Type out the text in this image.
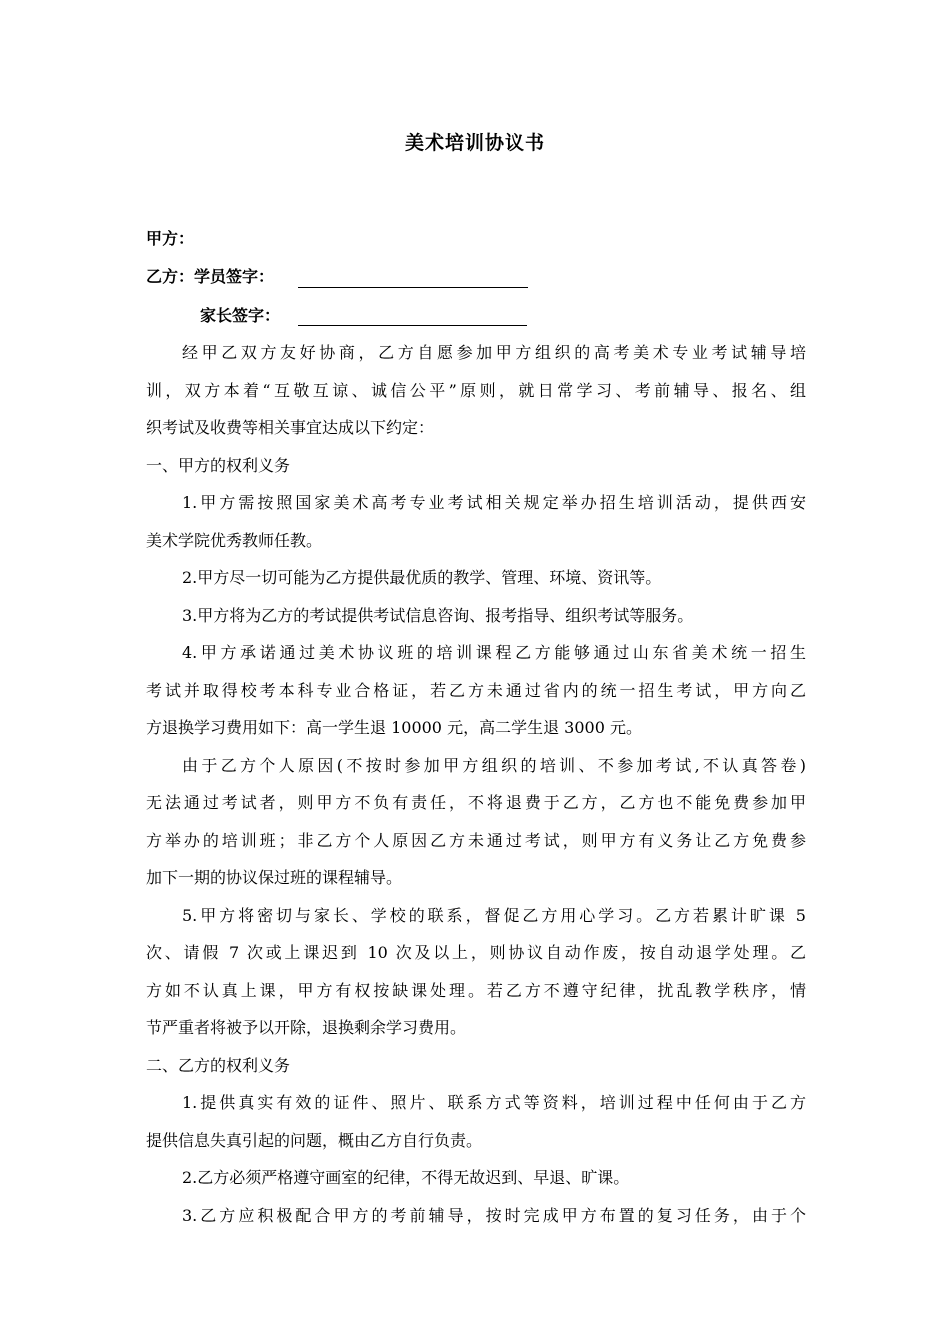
美术培训协议书
甲方：
乙方：学员签字：
家长签字：
经甲乙双方友好协商，乙方自愿参加甲方组织的高考美术专业考试辅导培
训，双方本着“互敬互谅、诚信公平”原则，就日常学习、考前辅导、报名、组
织考试及收费等相关事宜达成以下约定：
一、甲方的权利义务
1.甲方需按照国家美术高考专业考试相关规定举办招生培训活动，提供西安
美术学院优秀教师任教。
2.甲方尽一切可能为乙方提供最优质的教学、管理、环境、资讯等。
3.甲方将为乙方的考试提供考试信息咨询、报考指导、组织考试等服务。
4.甲方承诺通过美术协议班的培训课程乙方能够通过山东省美术统一招生
考试并取得校考本科专业合格证，若乙方未通过省内的统一招生考试，甲方向乙
方退换学习费用如下：高一学生退 10000 元，高二学生退 3000 元。
由于乙方个人原因(不按时参加甲方组织的培训、不参加考试,不认真答卷)
无法通过考试者，则甲方不负有责任，不将退费于乙方，乙方也不能免费参加甲
方举办的培训班；非乙方个人原因乙方未通过考试，则甲方有义务让乙方免费参
加下一期的协议保过班的课程辅导。
5.甲方将密切与家长、学校的联系，督促乙方用心学习。乙方若累计旷课 5
次、请假 7 次或上课迟到 10 次及以上，则协议自动作废，按自动退学处理。乙
方如不认真上课，甲方有权按缺课处理。若乙方不遵守纪律，扰乱教学秩序，情
节严重者将被予以开除，退换剩余学习费用。
二、乙方的权利义务
1.提供真实有效的证件、照片、联系方式等资料，培训过程中任何由于乙方
提供信息失真引起的问题，概由乙方自行负责。
2.乙方必须严格遵守画室的纪律，不得无故迟到、早退、旷课。
3.乙方应积极配合甲方的考前辅导，按时完成甲方布置的复习任务，由于个
